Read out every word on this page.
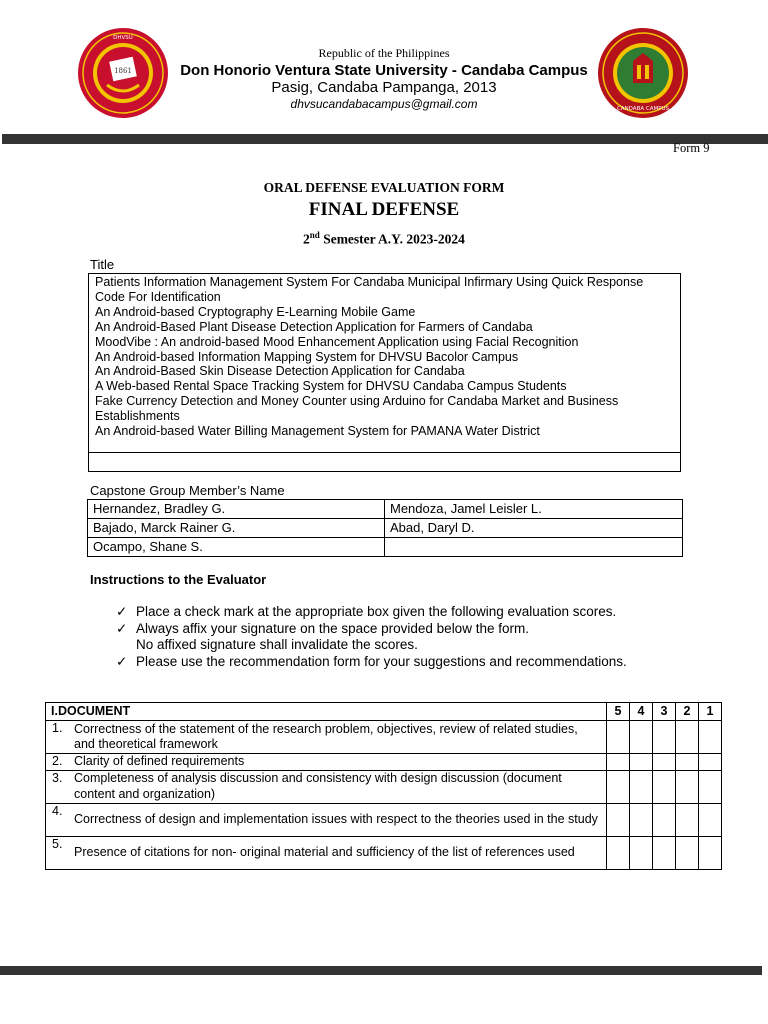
1861
DHVSU
CANDABA CAMPUS
Republic of the Philippines
Don Honorio Ventura State University - Candaba Campus
Pasig, Candaba Pampanga, 2013
dhvsucandabacampus@gmail.com
Form 9
ORAL DEFENSE EVALUATION FORM
FINAL DEFENSE
2nd Semester A.Y. 2023-2024
Title
Patients Information Management System For Candaba Municipal Infirmary Using Quick Response Code For Identification
An Android-based Cryptography E-Learning Mobile Game
An Android-Based Plant Disease Detection Application for Farmers of Candaba
MoodVibe : An android-based Mood Enhancement Application using Facial Recognition
An Android-based Information Mapping System for DHVSU Bacolor Campus
An Android-Based Skin Disease Detection Application for Candaba
A Web-based Rental Space Tracking System for DHVSU Candaba Campus Students
Fake Currency Detection and Money Counter using Arduino for Candaba Market and Business Establishments
An Android-based Water Billing Management System for PAMANA Water District
Capstone Group Member’s Name
Hernandez, Bradley G.	Mendoza, Jamel Leisler L.
Bajado, Marck Rainer G.	Abad, Daryl D.
Ocampo, Shane S.	
Instructions to the Evaluator
✓ Place a check mark at the appropriate box given the following evaluation scores.
✓ Always affix your signature on the space provided below the form.
No affixed signature shall invalidate the scores.
✓ Please use the recommendation form for your suggestions and recommendations.
I.DOCUMENT	5	4	3	2	1

1. Correctness of the statement of the research problem, objectives, review of related studies, and theoretical framework					

2. Clarity of defined requirements					

3. Completeness of analysis discussion and consistency with design discussion (document content and organization)					

4.
Correctness of design and implementation issues with respect to the theories used in the study					

5.
Presence of citations for non- original material and sufficiency of the list of references used					
